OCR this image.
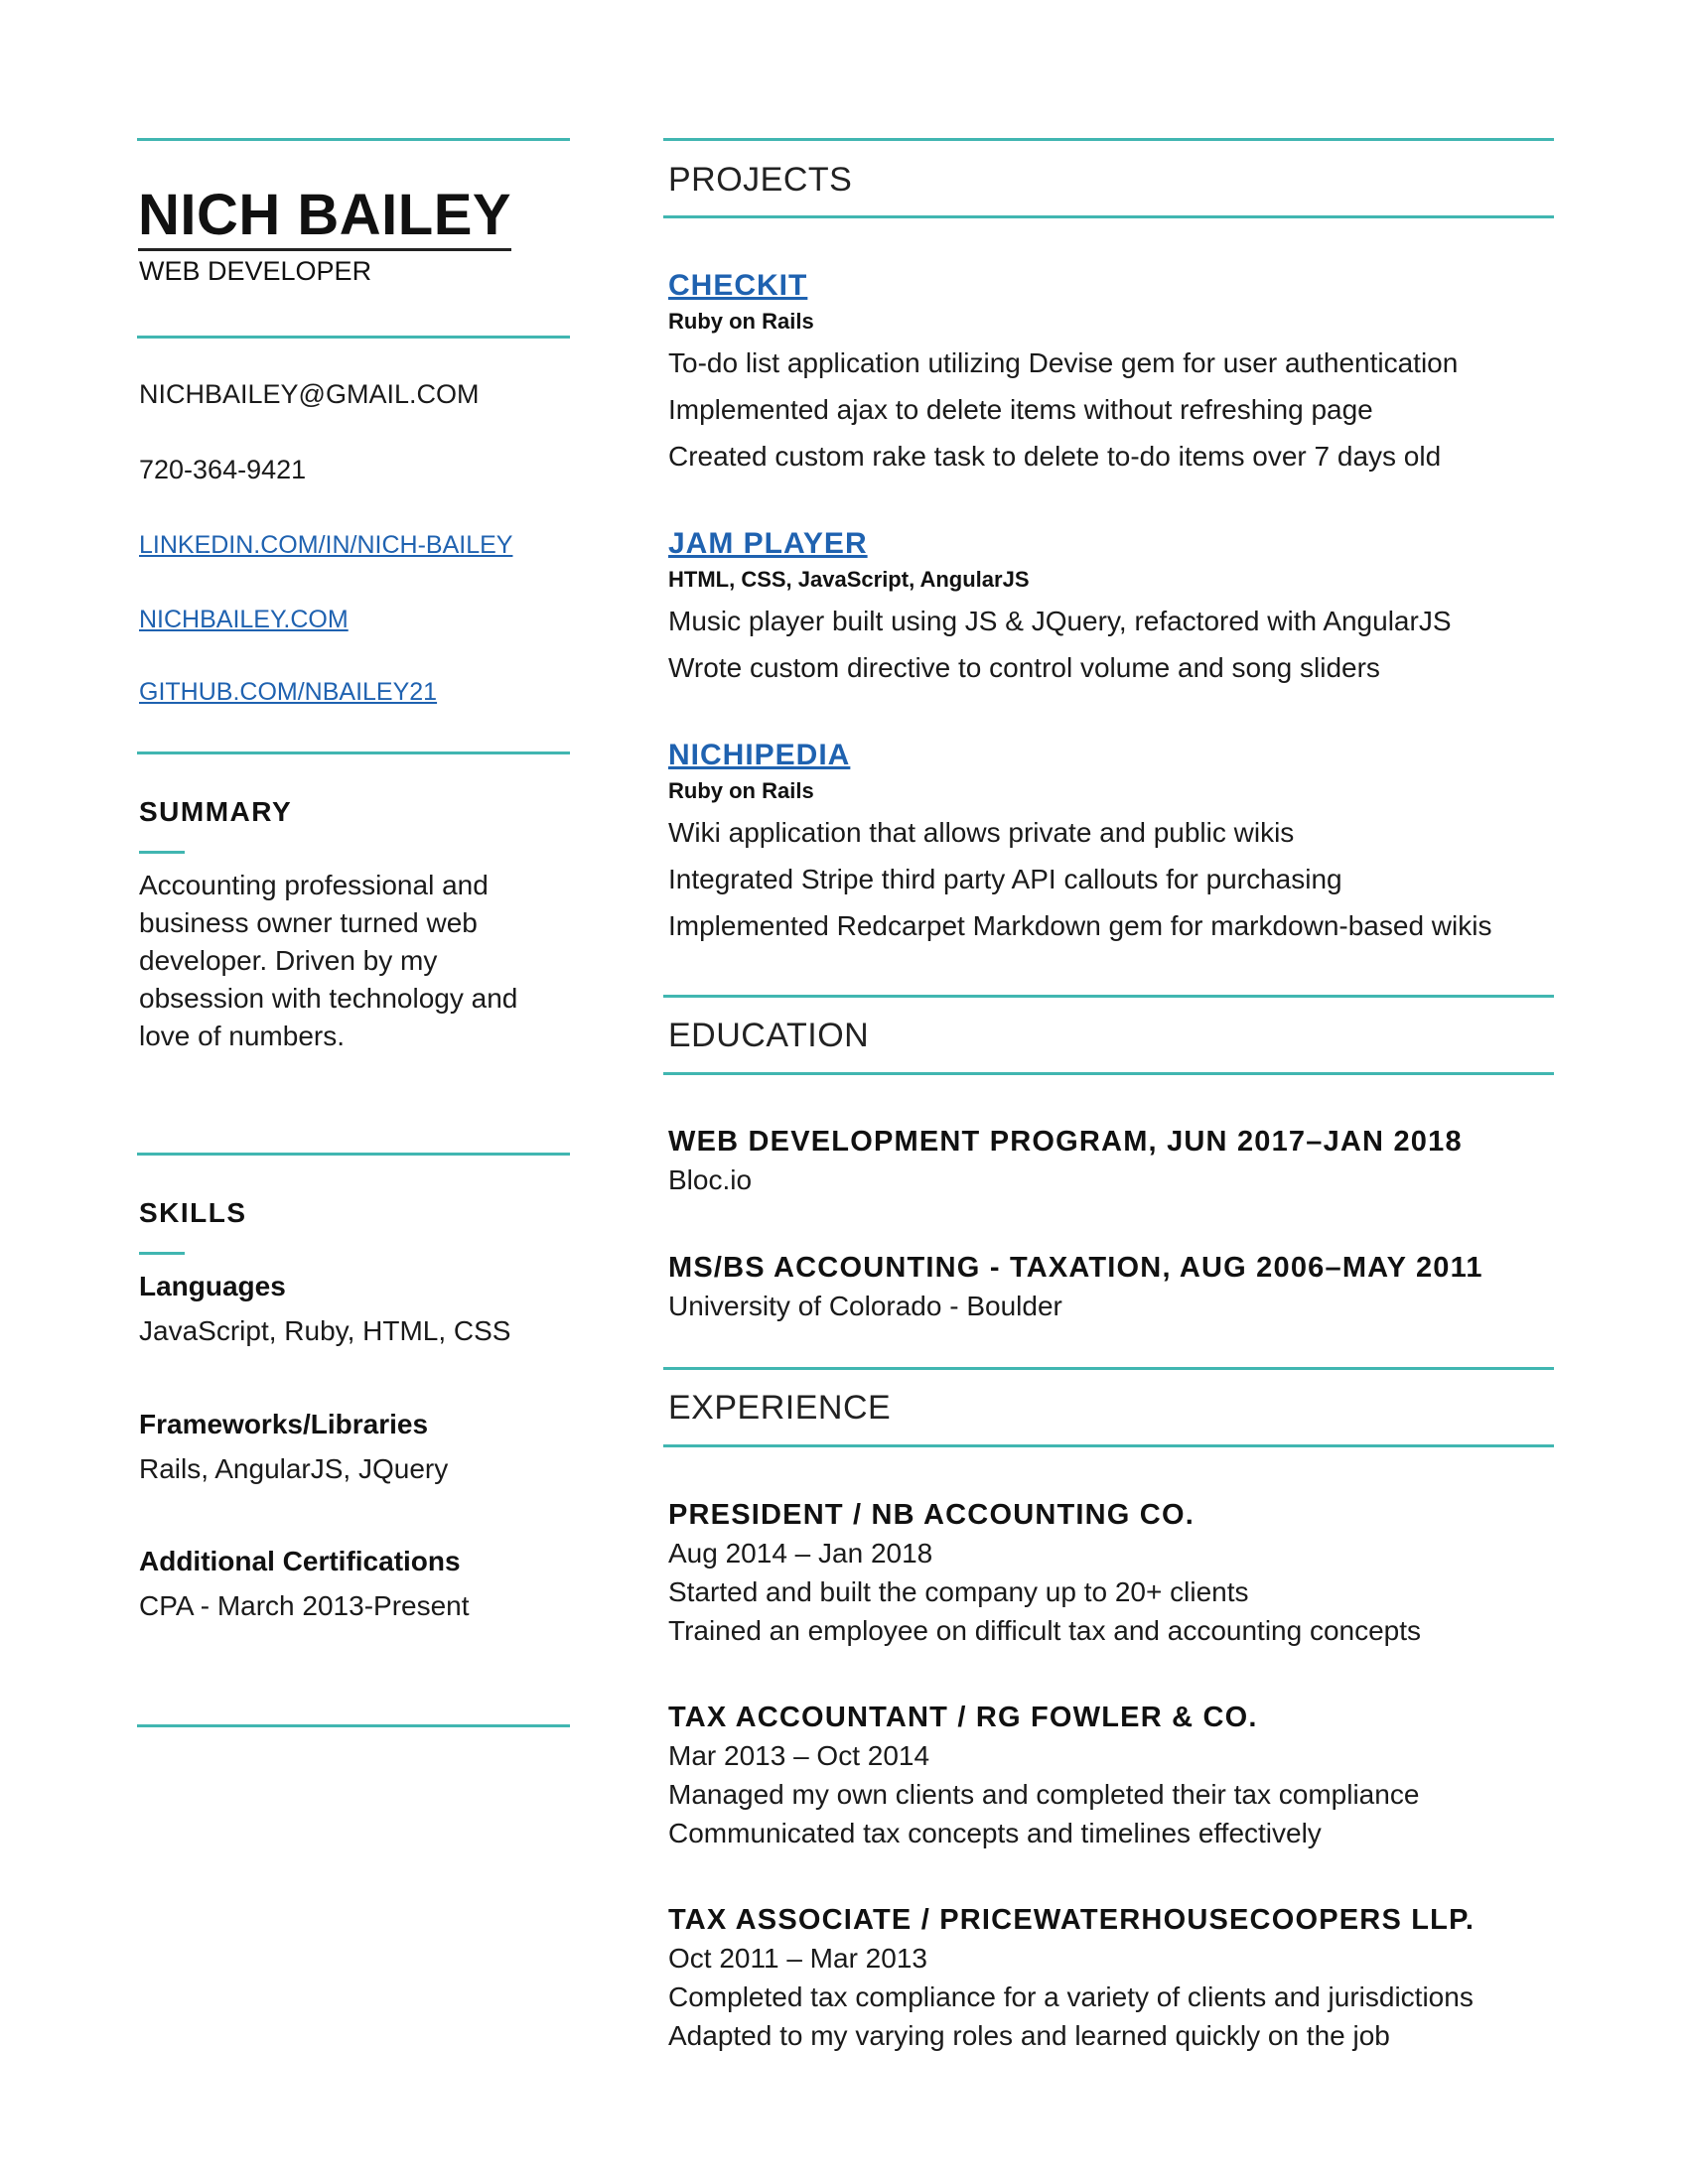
NICH BAILEY
WEB DEVELOPER
NICHBAILEY@GMAIL.COM
720-364-9421
LINKEDIN.COM/IN/NICH-BAILEY
NICHBAILEY.COM
GITHUB.COM/NBAILEY21
SUMMARY

Accounting professional and business owner turned web developer. Driven by my obsession with technology and love of numbers.

SKILLS
Languages
JavaScript, Ruby, HTML, CSS
Frameworks/Libraries
Rails, AngularJS, JQuery
Additional Certifications
CPA - March 2013-Present
PROJECTS
CHECKIT
Ruby on Rails
To-do list application utilizing Devise gem for user authentication
Implemented ajax to delete items without refreshing page
Created custom rake task to delete to-do items over 7 days old
JAM PLAYER
HTML, CSS, JavaScript, AngularJS
Music player built using JS & JQuery, refactored with AngularJS
Wrote custom directive to control volume and song sliders
NICHIPEDIA
Ruby on Rails
Wiki application that allows private and public wikis
Integrated Stripe third party API callouts for purchasing
Implemented Redcarpet Markdown gem for markdown-based wikis
EDUCATION
WEB DEVELOPMENT PROGRAM, JUN 2017–JAN 2018
Bloc.io
MS/BS ACCOUNTING - TAXATION, AUG 2006–MAY 2011
University of Colorado - Boulder
EXPERIENCE
PRESIDENT / NB ACCOUNTING CO.
Aug 2014 – Jan 2018
Started and built the company up to 20+ clients
Trained an employee on difficult tax and accounting concepts
TAX ACCOUNTANT / RG FOWLER & CO.
Mar 2013 – Oct 2014
Managed my own clients and completed their tax compliance
Communicated tax concepts and timelines effectively
TAX ASSOCIATE / PRICEWATERHOUSECOOPERS LLP.
Oct 2011 – Mar 2013
Completed tax compliance for a variety of clients and jurisdictions
Adapted to my varying roles and learned quickly on the job
